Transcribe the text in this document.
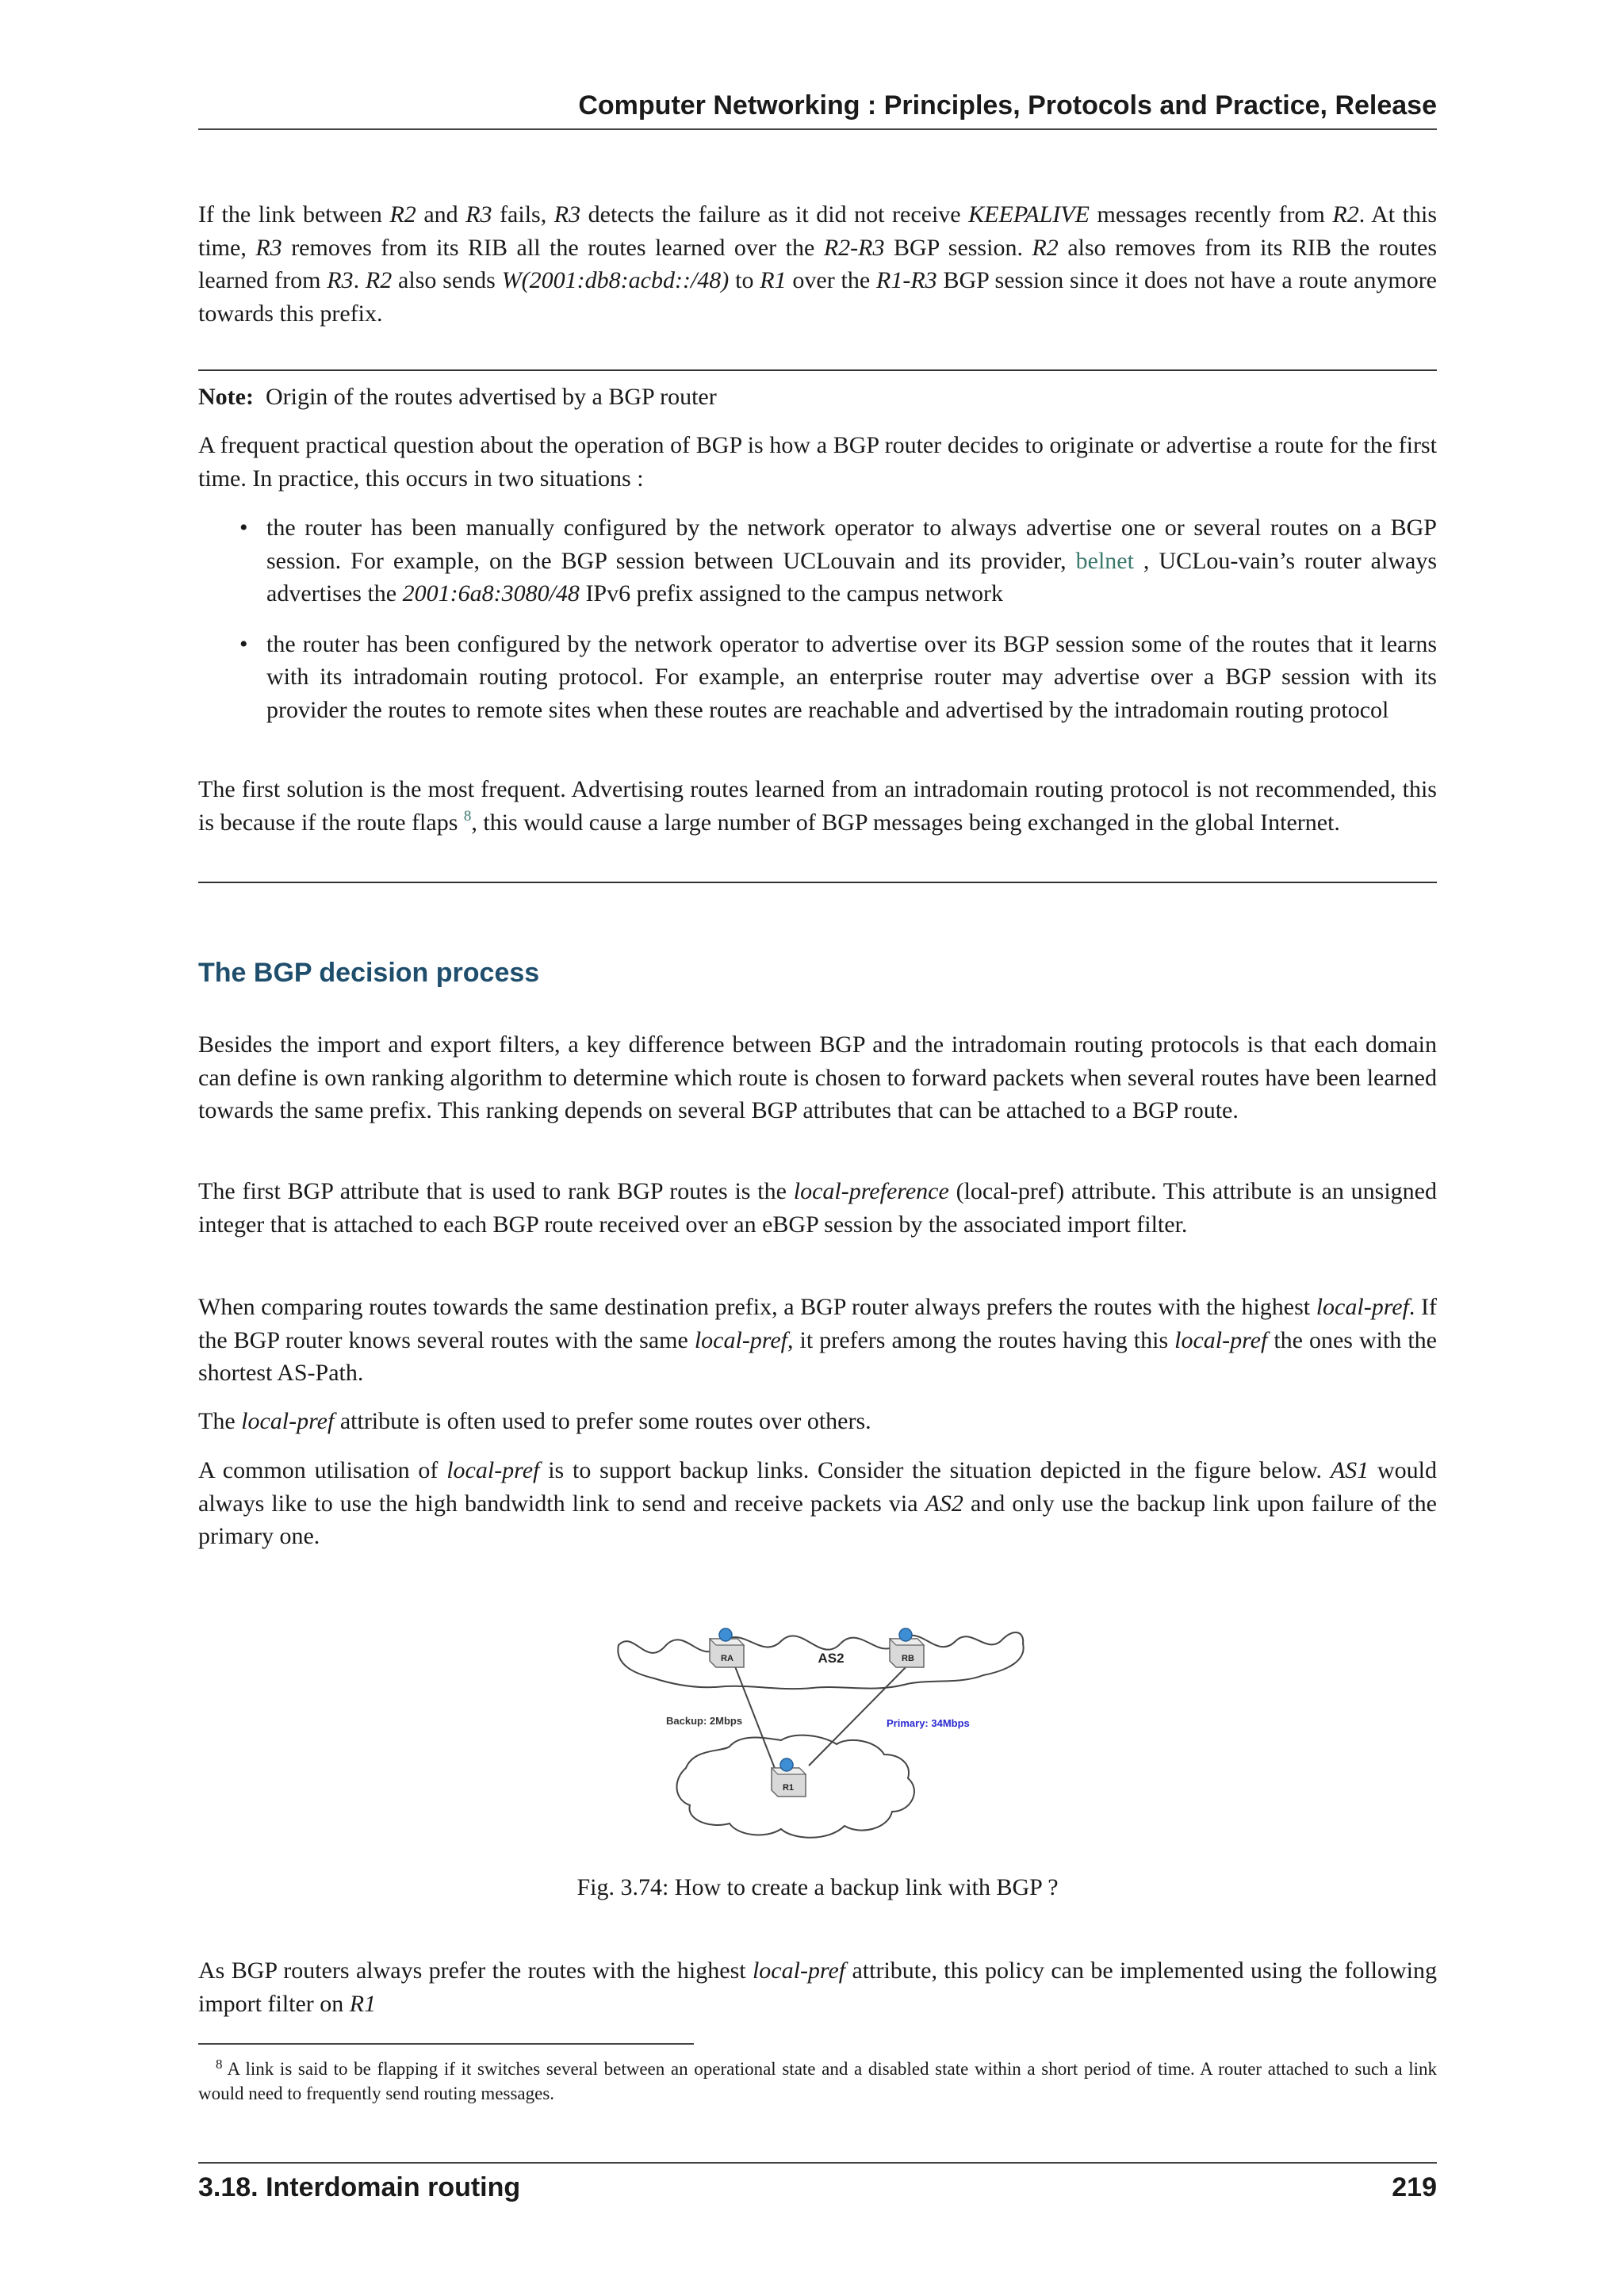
Computer Networking : Principles, Protocols and Practice, Release

If the link between R2 and R3 fails, R3 detects the failure as it did not receive KEEPALIVE messages recently from R2. At this time, R3 removes from its RIB all the routes learned over the R2-R3 BGP session. R2 also removes from its RIB the routes learned from R3. R2 also sends W(2001:db8:acbd::/48) to R1 over the R1-R3 BGP session since it does not have a route anymore towards this prefix.

Note: Origin of the routes advertised by a BGP router

A frequent practical question about the operation of BGP is how a BGP router decides to originate or advertise a route for the first time. In practice, this occurs in two situations :

• the router has been manually configured by the network operator to always advertise one or several routes on a BGP session. For example, on the BGP session between UCLouvain and its provider, belnet , UCLou-vain’s router always advertises the 2001:6a8:3080/48 IPv6 prefix assigned to the campus network
• the router has been configured by the network operator to advertise over its BGP session some of the routes that it learns with its intradomain routing protocol. For example, an enterprise router may advertise over a BGP session with its provider the routes to remote sites when these routes are reachable and advertised by the intradomain routing protocol

The first solution is the most frequent. Advertising routes learned from an intradomain routing protocol is not recommended, this is because if the route flaps $^8$, this would cause a large number of BGP messages being exchanged in the global Internet.

The BGP decision process

Besides the import and export filters, a key difference between BGP and the intradomain routing protocols is that each domain can define is own ranking algorithm to determine which route is chosen to forward packets when several routes have been learned towards the same prefix. This ranking depends on several BGP attributes that can be attached to a BGP route.

The first BGP attribute that is used to rank BGP routes is the local-preference (local-pref) attribute. This attribute is an unsigned integer that is attached to each BGP route received over an eBGP session by the associated import filter.

When comparing routes towards the same destination prefix, a BGP router always prefers the routes with the highest local-pref. If the BGP router knows several routes with the same local-pref, it prefers among the routes having this local-pref the ones with the shortest AS-Path.

The local-pref attribute is often used to prefer some routes over others.

A common utilisation of local-pref is to support backup links. Consider the situation depicted in the figure below. AS1 would always like to use the high bandwidth link to send and receive packets via AS2 and only use the backup link upon failure of the primary one.

RA	RB
R1
AS2
Backup: 2Mbps	Primary: 34Mbps
Fig. 3.74: How to create a backup link with BGP ?

As BGP routers always prefer the routes with the highest local-pref attribute, this policy can be implemented using the following import filter on R1

$^8$ A link is said to be flapping if it switches several between an operational state and a disabled state within a short period of time. A router attached to such a link would need to frequently send routing messages.

3.18. Interdomain routing	219
